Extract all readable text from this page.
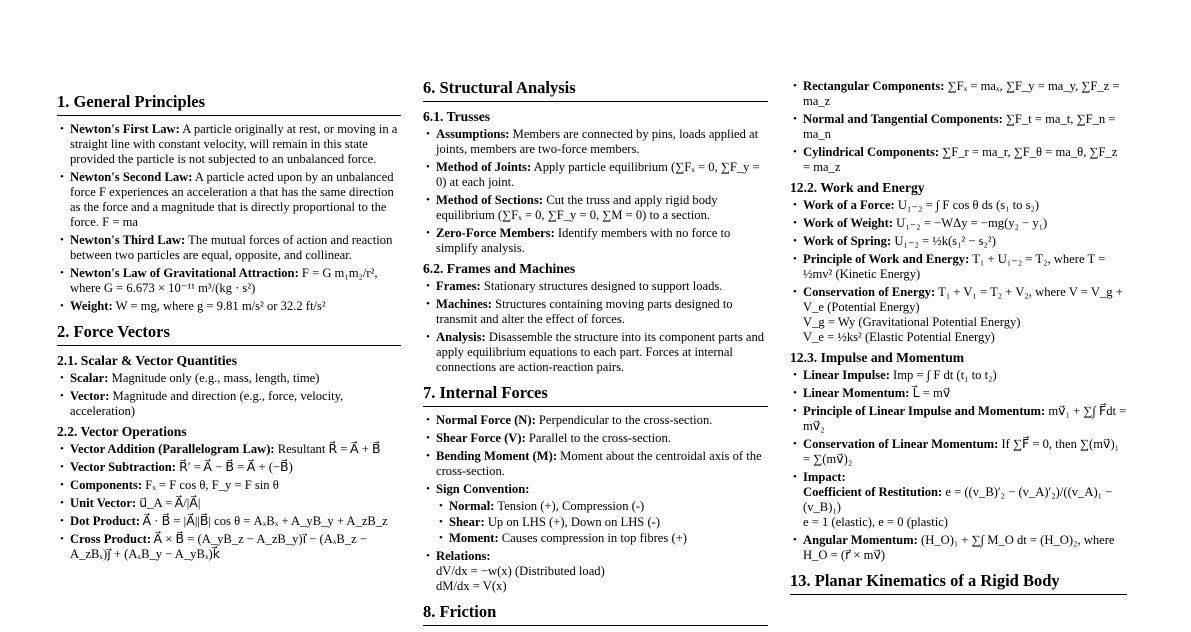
1. General Principles
• Newton's First Law: A particle originally at rest, or moving in a straight line with constant velocity, will remain in this state provided the particle is not subjected to an unbalanced force.
• Newton's Second Law: A particle acted upon by an unbalanced force F experiences an acceleration a that has the same direction as the force and a magnitude that is directly proportional to the force. F = ma
• Newton's Third Law: The mutual forces of action and reaction between two particles are equal, opposite, and collinear.
• Newton's Law of Gravitational Attraction: F = G m₁m₂/r², where G = 6.673 × 10⁻¹¹ m³/(kg · s²)
• Weight: W = mg, where g = 9.81 m/s² or 32.2 ft/s²
2. Force Vectors
2.1. Scalar & Vector Quantities
• Scalar: Magnitude only (e.g., mass, length, time)
• Vector: Magnitude and direction (e.g., force, velocity, acceleration)
2.2. Vector Operations
• Vector Addition (Parallelogram Law): Resultant R⃗ = A⃗ + B⃗
• Vector Subtraction: R⃗′ = A⃗ − B⃗ = A⃗ + (−B⃗)
• Components: Fₓ = F cos θ, F_y = F sin θ
• Unit Vector: u⃗_A = A⃗/|A⃗|
• Dot Product: A⃗ · B⃗ = |A⃗||B⃗| cos θ = AₓBₓ + A_yB_y + A_zB_z
• Cross Product: A⃗ × B⃗ = (A_yB_z − A_zB_y)i⃗ − (AₓB_z − A_zBₓ)j⃗ + (AₓB_y − A_yBₓ)k⃗
6. Structural Analysis
6.1. Trusses
• Assumptions: Members are connected by pins, loads applied at joints, members are two-force members.
• Method of Joints: Apply particle equilibrium (∑Fₓ = 0, ∑F_y = 0) at each joint.
• Method of Sections: Cut the truss and apply rigid body equilibrium (∑Fₓ = 0, ∑F_y = 0, ∑M = 0) to a section.
• Zero-Force Members: Identify members with no force to simplify analysis.
6.2. Frames and Machines
• Frames: Stationary structures designed to support loads.
• Machines: Structures containing moving parts designed to transmit and alter the effect of forces.
• Analysis: Disassemble the structure into its component parts and apply equilibrium equations to each part. Forces at internal connections are action-reaction pairs.
7. Internal Forces
• Normal Force (N): Perpendicular to the cross-section.
• Shear Force (V): Parallel to the cross-section.
• Bending Moment (M): Moment about the centroidal axis of the cross-section.
• Sign Convention:
• Normal: Tension (+), Compression (-)
• Shear: Up on LHS (+), Down on LHS (-)
• Moment: Causes compression in top fibres (+)
• Relations:
dV/dx = −w(x) (Distributed load)
dM/dx = V(x)
8. Friction
• Rectangular Components: ∑Fₓ = maₓ, ∑F_y = ma_y, ∑F_z = ma_z
• Normal and Tangential Components: ∑F_t = ma_t, ∑F_n = ma_n
• Cylindrical Components: ∑F_r = ma_r, ∑F_θ = ma_θ, ∑F_z = ma_z
12.2. Work and Energy
• Work of a Force: U₁₋₂ = ∫ F cos θ ds (s₁ to s₂)
• Work of Weight: U₁₋₂ = −WΔy = −mg(y₂ − y₁)
• Work of Spring: U₁₋₂ = ½k(s₁² − s₂²)
• Principle of Work and Energy: T₁ + U₁₋₂ = T₂, where T = ½mv² (Kinetic Energy)
• Conservation of Energy: T₁ + V₁ = T₂ + V₂, where V = V_g + V_e (Potential Energy)
V_g = Wy (Gravitational Potential Energy)
V_e = ½ks² (Elastic Potential Energy)
12.3. Impulse and Momentum
• Linear Impulse: Imp = ∫ F dt (t₁ to t₂)
• Linear Momentum: L⃗ = mv⃗
• Principle of Linear Impulse and Momentum: mv⃗₁ + ∑∫ F⃗dt = mv⃗₂
• Conservation of Linear Momentum: If ∑F⃗ = 0, then ∑(mv⃗)₁ = ∑(mv⃗)₂
• Impact:
Coefficient of Restitution: e = ((v_B)′₂ − (v_A)′₂)/((v_A)₁ − (v_B)₁)
e = 1 (elastic), e = 0 (plastic)
• Angular Momentum: (H_O)₁ + ∑∫ M_O dt = (H_O)₂, where H_O = (r⃗ × mv⃗)
13. Planar Kinematics of a Rigid Body
